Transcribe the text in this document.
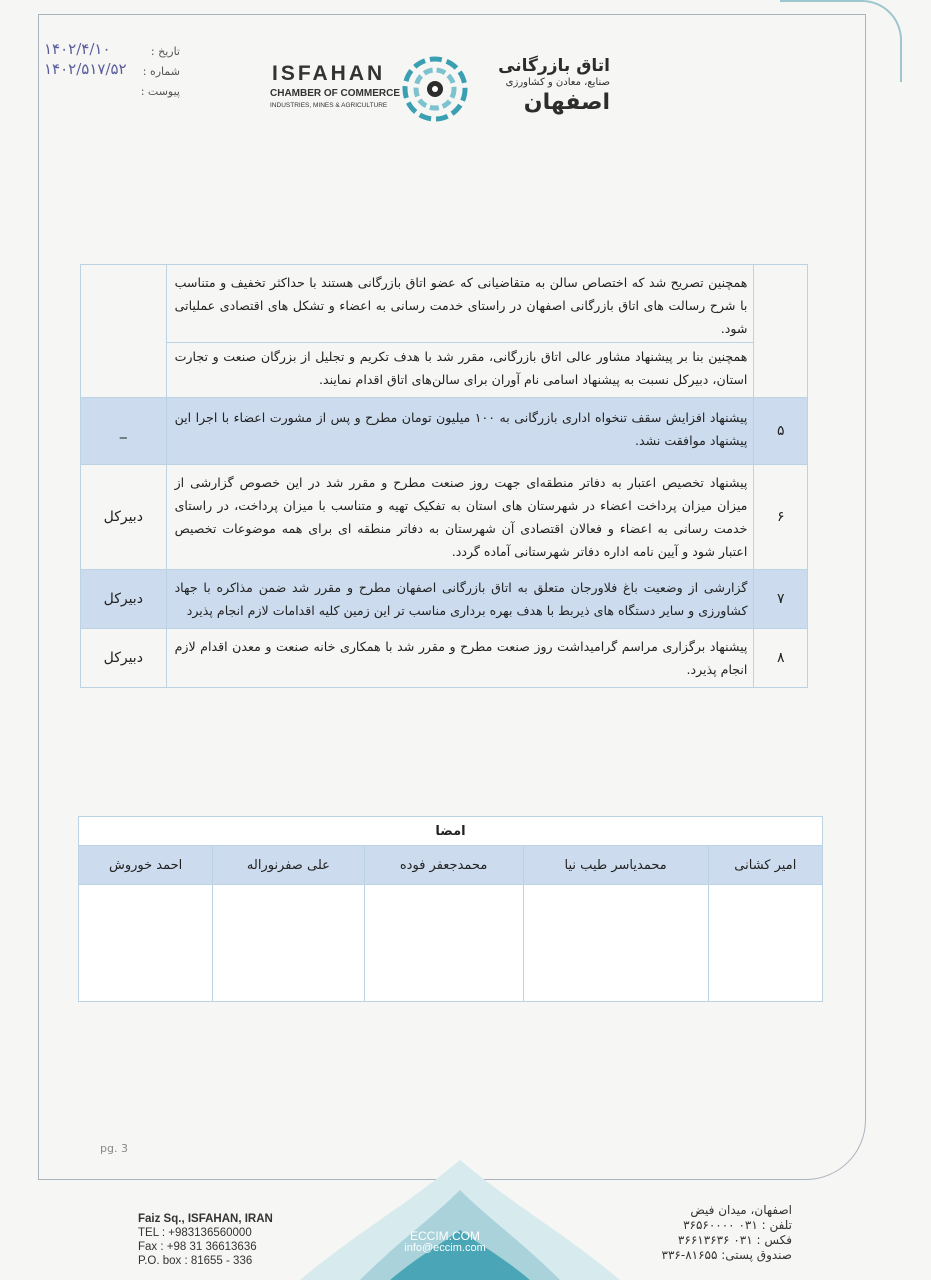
تاریخ :
شماره :
پیوست :
۱۴۰۲/۴/۱۰
۱۴۰۲/۵۱۷/۵۲	ISFAHAN
CHAMBER OF COMMERCE
INDUSTRIES, MINES & AGRICULTURE
اتاق بازرگانی
صنایع، معادن و کشاورزی
اصفهان
	همچنین تصریح شد که اختصاص سالن به متقاضیانی که عضو اتاق بازرگانی هستند با حداکثر تخفیف و متناسب با شرح رسالت های اتاق بازرگانی اصفهان در راستای خدمت رسانی به اعضاء و تشکل های اقتصادی عملیاتی شود.	
	همچنین بنا بر پیشنهاد مشاور عالی اتاق بازرگانی، مقرر شد با هدف تکریم و تجلیل از بزرگان صنعت و تجارت استان، دبیرکل نسبت به پیشنهاد اسامی نام آوران برای سالن‌های اتاق اقدام نمایند.	
۵	پیشنهاد افزایش سقف تنخواه اداری بازرگانی به ۱۰۰ میلیون تومان مطرح و پس از مشورت اعضاء با اجرا این پیشنهاد موافقت نشد.	_
۶	پیشنهاد تخصیص اعتبار به دفاتر منطقه‌ای جهت روز صنعت مطرح و مقرر شد در این خصوص گزارشی از میزان میزان پرداخت اعضاء در شهرستان های استان به تفکیک تهیه و متناسب با میزان پرداخت، در راستای خدمت رسانی به اعضاء و فعالان اقتصادی آن شهرستان به دفاتر منطقه ای برای همه موضوعات تخصیص اعتبار شود و آیین نامه اداره دفاتر شهرستانی آماده گردد.	دبیرکل
۷	گزارشی از وضعیت باغ فلاورجان متعلق به اتاق بازرگانی اصفهان مطرح و مقرر شد ضمن مذاکره با جهاد کشاورزی و سایر دستگاه های ذیربط با هدف بهره برداری مناسب تر این زمین کلیه اقدامات لازم انجام پذیرد	دبیرکل
۸	پیشنهاد برگزاری مراسم گرامیداشت روز صنعت مطرح و مقرر شد با همکاری خانه صنعت و معدن اقدام لازم انجام پذیرد.	دبیرکل
امضا				
امیر کشانی	محمدیاسر طیب نیا	محمدجعفر فوده	علی صفرنوراله	احمد خوروش

pg. 3
ECCIM.COM
info@eccim.com
Faiz Sq., ISFAHAN, IRAN
TEL : +983136560000
Fax : +98 31 36613636
P.O. box : 81655 - 336
اصفهان، میدان فیض
تلفن : ۰۳۱ ۳۶۵۶۰۰۰۰
فکس : ۰۳۱ ۳۶۶۱۳۶۳۶
صندوق پستی: ۸۱۶۵۵-۳۳۶
